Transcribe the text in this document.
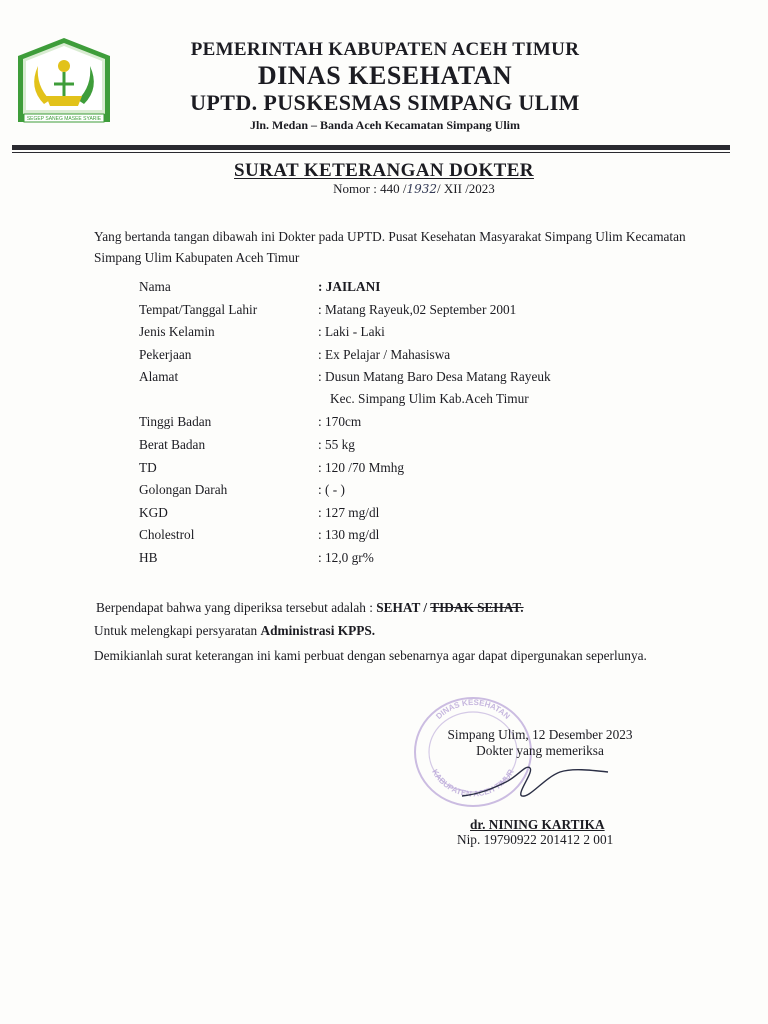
SEGEP SANEG MASEE SYARIE
PEMERINTAH KABUPATEN ACEH TIMUR
DINAS KESEHATAN
UPTD. PUSKESMAS SIMPANG ULIM
Jln. Medan – Banda Aceh Kecamatan Simpang Ulim
SURAT KETERANGAN DOKTER
Nomor : 440 /1932/ XII /2023
Yang bertanda tangan dibawah ini Dokter pada UPTD. Pusat Kesehatan Masyarakat Simpang Ulim Kecamatan Simpang Ulim Kabupaten Aceh Timur
Nama	: JAILANI
Tempat/Tanggal Lahir	: Matang Rayeuk,02 September 2001
Jenis Kelamin	: Laki - Laki
Pekerjaan	: Ex Pelajar / Mahasiswa
Alamat	: Dusun Matang Baro Desa Matang Rayeuk
Kec. Simpang Ulim Kab.Aceh Timur
Tinggi Badan	: 170cm
Berat Badan	: 55 kg
TD	: 120 /70 Mmhg
Golongan Darah	: ( - )
KGD	: 127 mg/dl
Cholestrol	: 130 mg/dl
HB	: 12,0 gr%
Berpendapat bahwa yang diperiksa tersebut adalah : SEHAT / TIDAK SEHAT.
Untuk melengkapi persyaratan Administrasi KPPS.
Demikianlah surat keterangan ini kami perbuat dengan sebenarnya agar dapat dipergunakan seperlunya.
DINAS KESEHATAN
KABUPATEN ACEH TIMUR
Simpang Ulim, 12 Desember 2023
Dokter yang memeriksa
dr. NINING KARTIKA
Nip. 19790922 201412 2 001
